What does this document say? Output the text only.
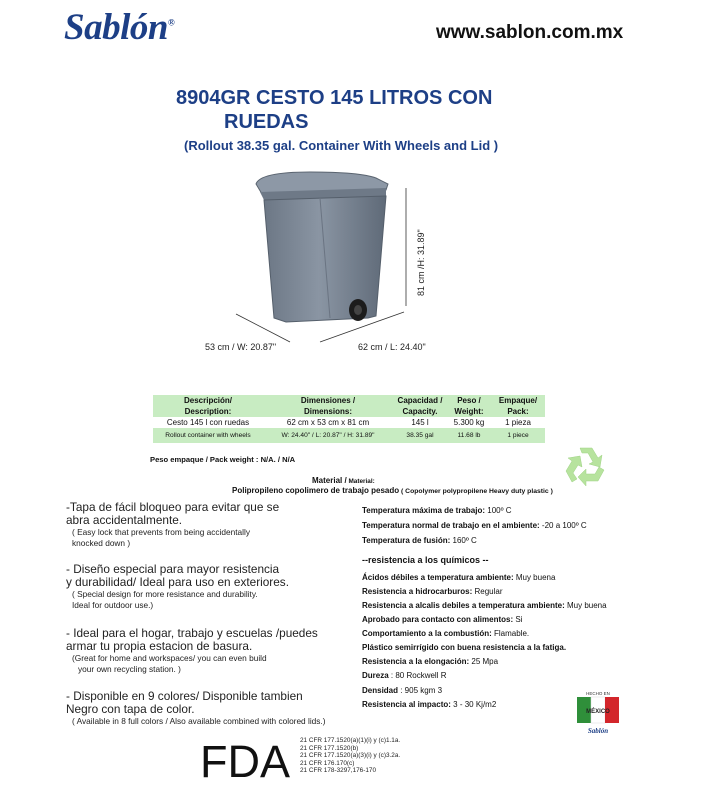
Sablón®	www.sablon.com.mx
8904GR CESTO 145 LITROS CON
RUEDAS
(Rollout 38.35 gal. Container With Wheels and Lid )
53 cm / W: 20.87"	62 cm / L: 24.40"
81 cm /H: 31.89"
Descripción/	Dimensiones /	Capacidad /	Peso /	Empaque/
Description:	Dimensions:	Capacity.	Weight:	Pack:
Cesto 145 l con ruedas	62 cm x 53 cm x 81 cm	145 l	5.300 kg	1 pieza
Rollout container with wheels	W: 24.40" / L: 20.87" / H: 31.89"	38.35 gal	11.68 lb	1 piece
Peso empaque / Pack weight : N/A. / N/A
Material / Material:
Polipropileno copolimero de trabajo pesado ( Copolymer polypropilene Heavy duty plastic )
-Tapa de fácil bloqueo para evitar que se
abra accidentalmente.
( Easy lock that prevents from being accidentally
knocked down )
- Diseño especial para mayor resistencia
y durabilidad/ Ideal para uso en exteriores.
( Special design for more resistance and durability.
Ideal for outdoor use.)
- Ideal para el hogar, trabajo y escuelas /puedes
armar tu propia estacion de basura.
(Great for home and workspaces/ you can even build
your own recycling station. )
- Disponible en 9 colores/ Disponible tambien
Negro con tapa de color.
( Available in 8 full colors / Also available combined with colored lids.)
Temperatura máxima de trabajo: 100º C
Temperatura normal de trabajo en el ambiente: -20 a 100º C
Temperatura de fusión: 160º C
--resistencia a los químicos --
Ácidos débiles a temperatura ambiente: Muy buena
Resistencia a hidrocarburos: Regular
Resistencia a alcalis debiles a temperatura ambiente: Muy buena
Aprobado para contacto con alimentos: Si
Comportamiento a la combustión: Flamable.
Plástico semirrígido con buena resistencia a la fatiga.
Resistencia a la elongación: 25 Mpa
Dureza : 80 Rockwell R
Densidad : 905 kgm 3
Resistencia al impacto: 3 - 30 Kj/m2
FDA 21 CFR 177.1520(a)(1)(i) y (c)1.1a.
21 CFR 177.1520(b)
21 CFR 177.1520(a)(3)(i) y (c)3.2a.
21 CFR 176.170(c)
21 CFR 178-3297,176-170
HECHO EN
MÉXICO
Sablón
